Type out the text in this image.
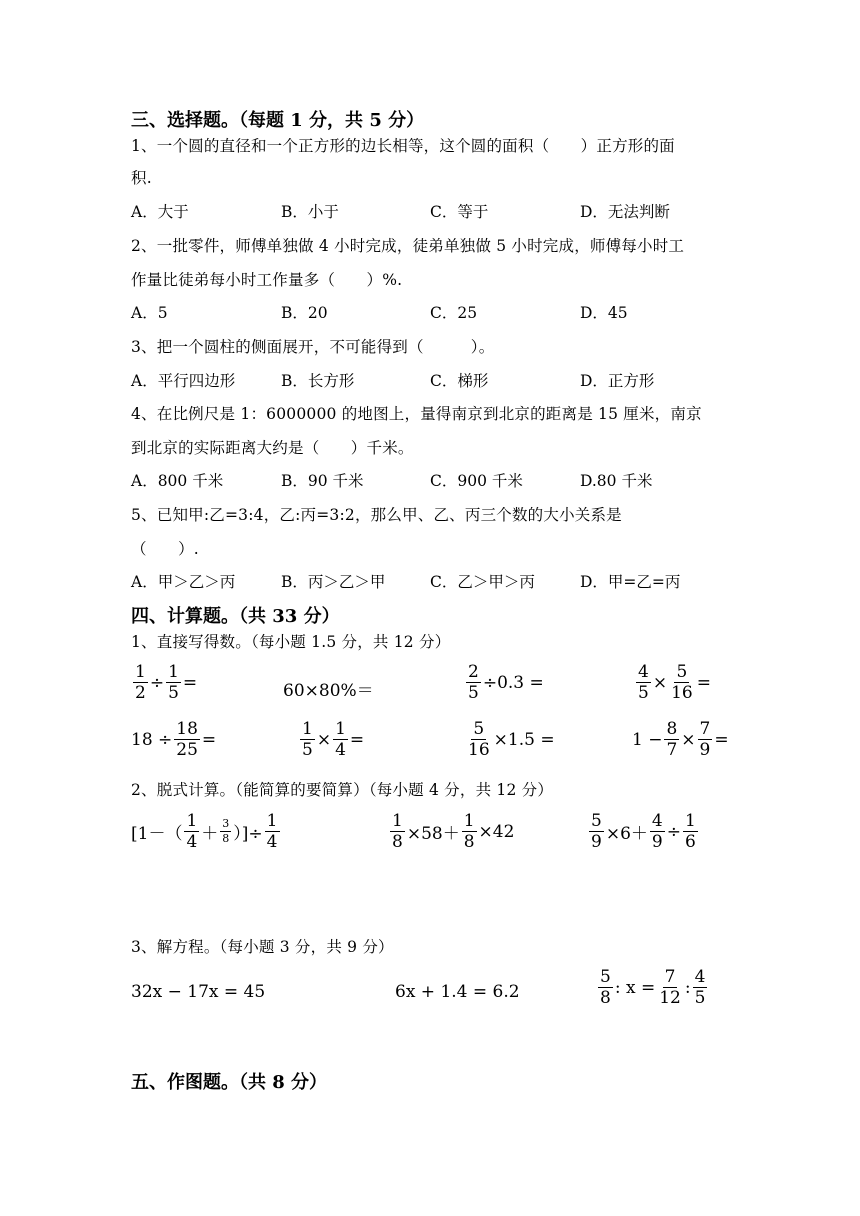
三、选择题。（每题 1 分，共 5 分）
1、一个圆的直径和一个正方形的边长相等，这个圆的面积（　　）正方形的面
积.
A．大于	B．小于	C．等于	D．无法判断
2、一批零件，师傅单独做 4 小时完成，徒弟单独做 5 小时完成，师傅每小时工
作量比徒弟每小时工作量多（　　）%.
A．5	B．20	C．25	D．45
3、把一个圆柱的侧面展开，不可能得到（　　　）。
A．平行四边形	B．长方形	C．梯形	D．正方形
4、在比例尺是 1：6000000 的地图上，量得南京到北京的距离是 15 厘米，南京
到北京的实际距离大约是（　　）千米。
A．800 千米	B．90 千米	C．900 千米	D.80 千米
5、已知甲:乙=3:4，乙:丙=3:2，那么甲、乙、丙三个数的大小关系是
（　　）.
A．甲＞乙＞丙	B．丙＞乙＞甲	C．乙＞甲＞丙	D．甲=乙=丙
四、计算题。（共 33 分）
1、直接写得数。（每小题 1.5 分，共 12 分）
$\frac{1}{2} \div \frac{1}{5}$ =	60×80%＝	$\frac{2}{5} \div 0.3$ =	$\frac{4}{5} \times \frac{5}{16}$ =
$18 \div \frac{18}{25}$ =	$\frac{1}{5} \times \frac{1}{4}$ =	$\frac{5}{16} \times 1.5$ =	$1 - \frac{8}{7} \times \frac{7}{9}$ =
2、脱式计算。（能简算的要简算）（每小题 4 分，共 12 分）
[$1-( \frac{1}{4} + \frac{3}{8}$ ）]÷ $\frac{1}{4}$	$\frac{1}{8} \times 58+ \frac{1}{8} \times 42$	$\frac{5}{9} \times 6+ \frac{4}{9} \div \frac{1}{6}$
3、解方程。（每小题 3 分，共 9 分）
32x − 17x = 45	6x + 1.4 = 6.2	$\frac{5}{8}$ : $x = \frac{7}{12}$ : $\frac{4}{5}$
五、作图题。（共 8 分）
